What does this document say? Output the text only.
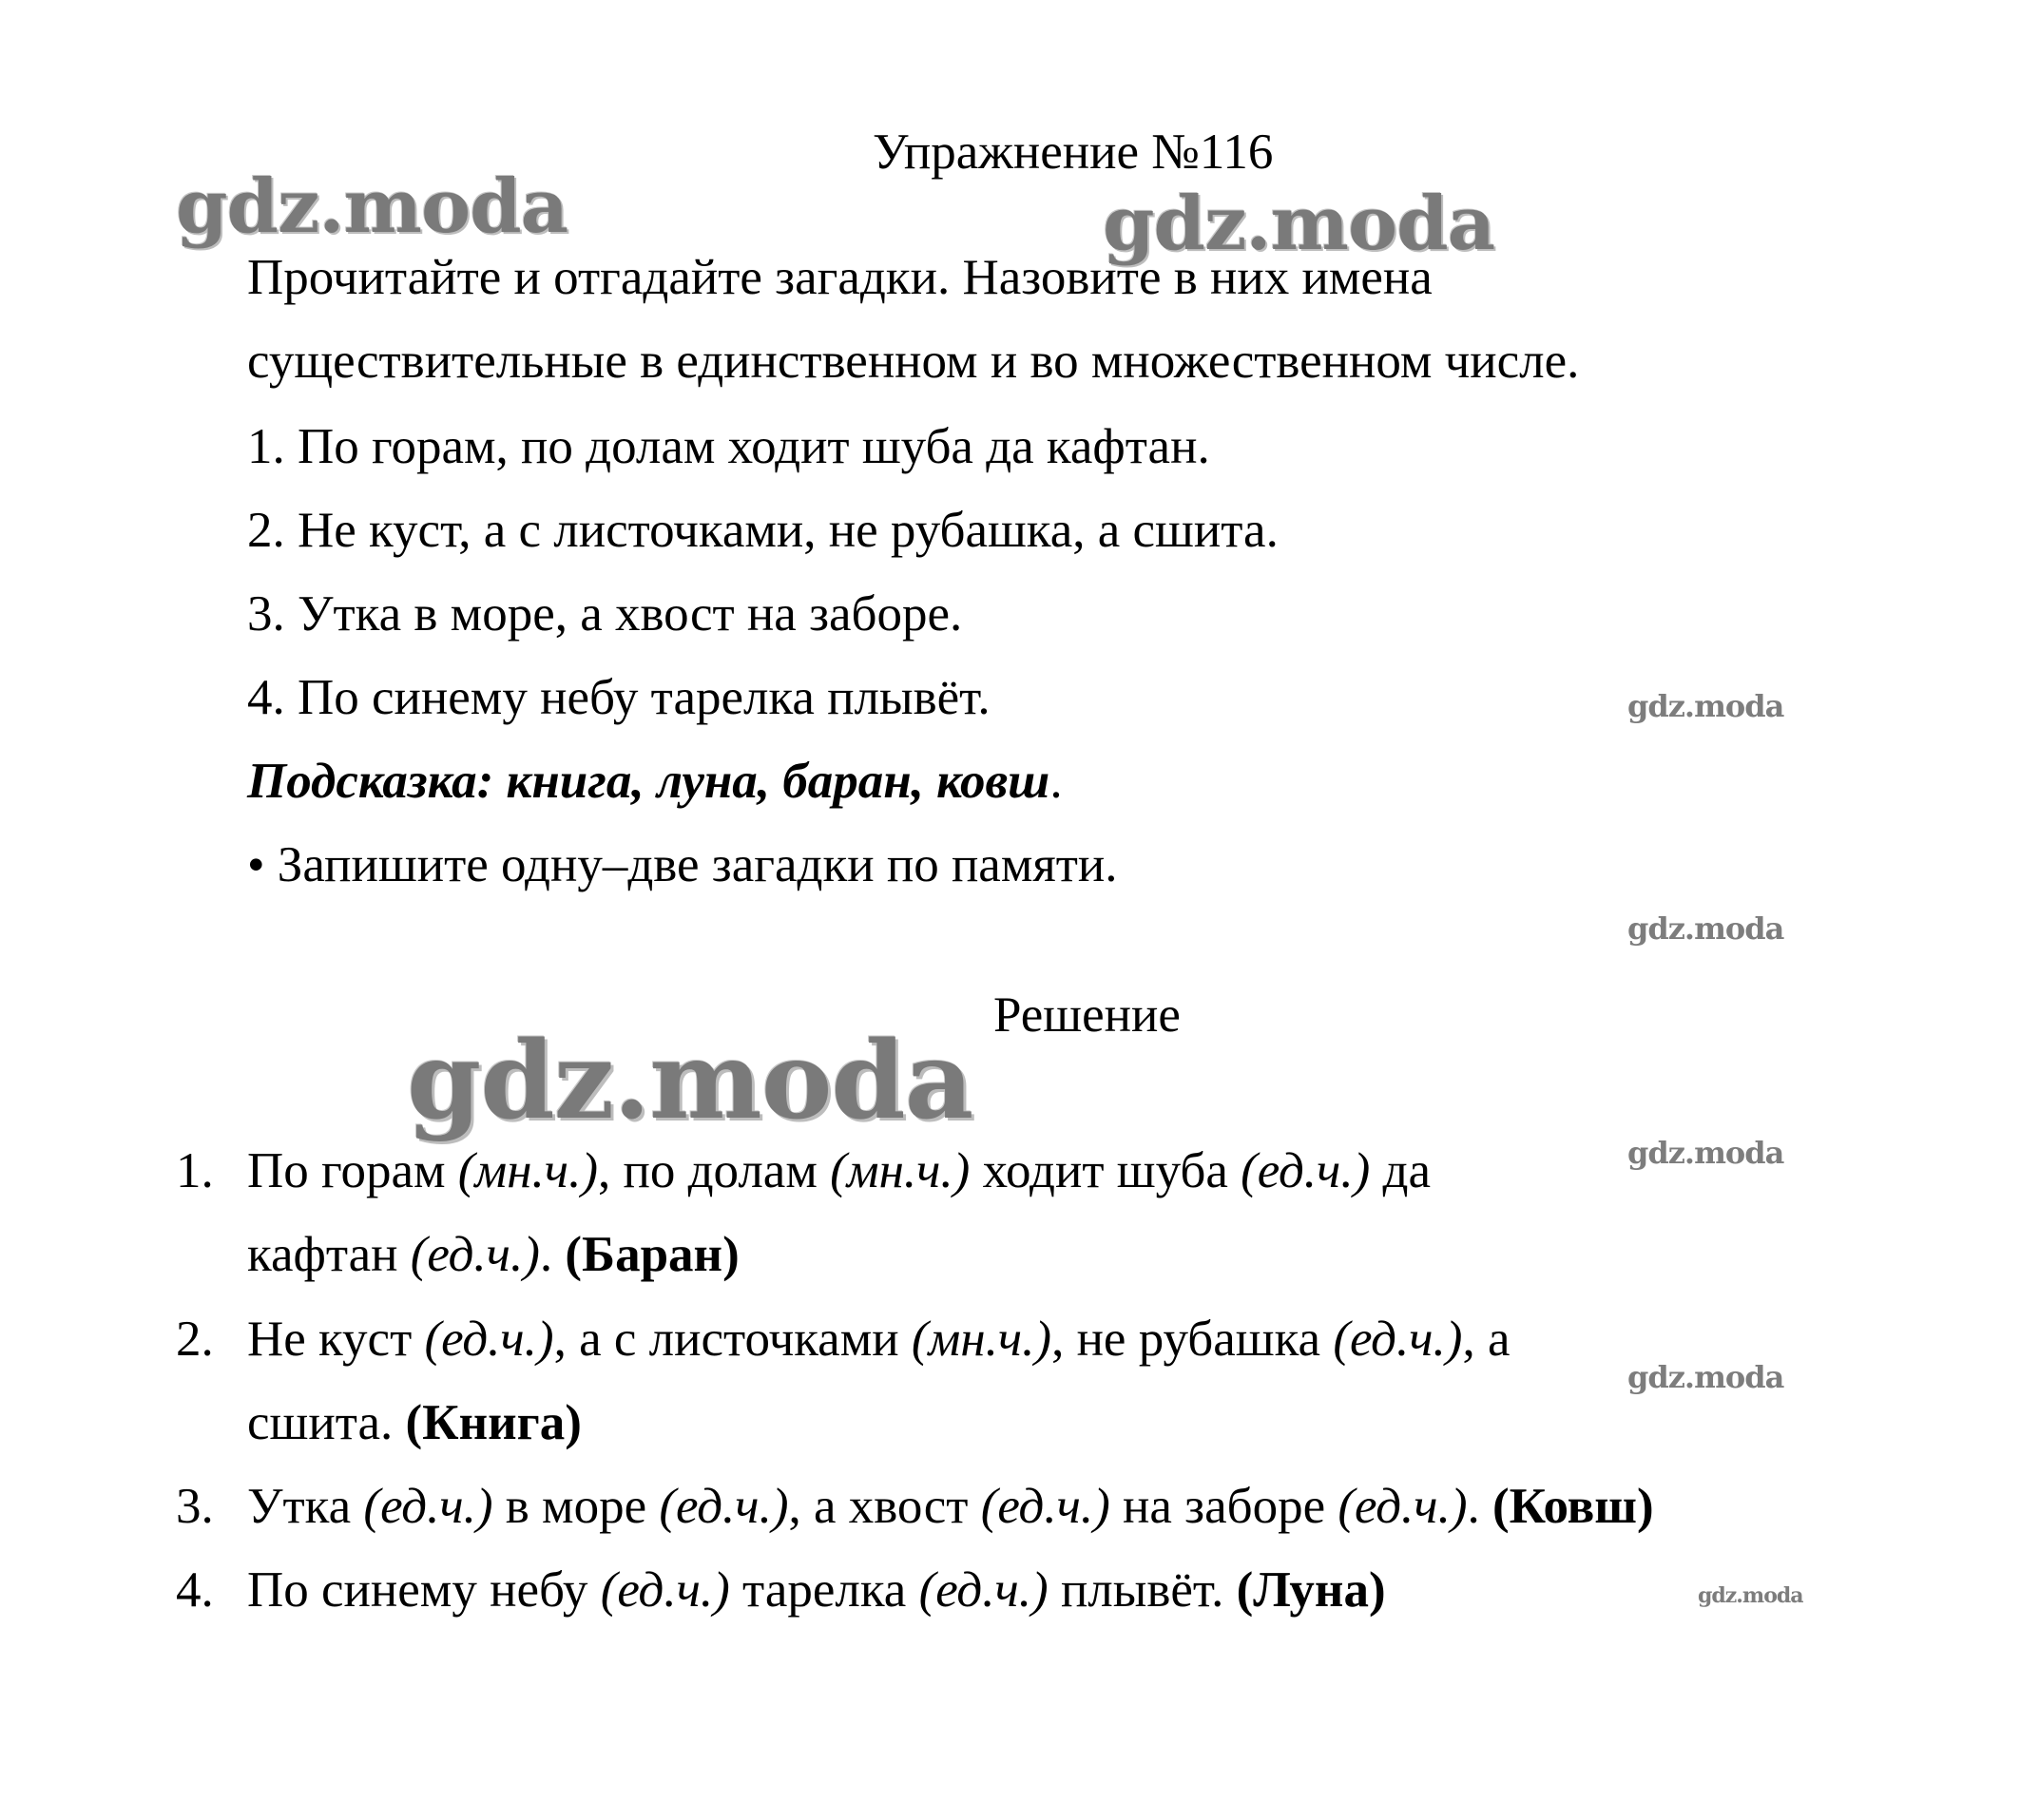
Упражнение №116
Прочитайте и отгадайте загадки. Назовите в них имена
существительные в единственном и во множественном числе.
1. По горам, по долам ходит шуба да кафтан.
2. Не куст, а с листочками, не рубашка, а сшита.
3. Утка в море, а хвост на заборе.
4. По синему небу тарелка плывёт.
Подсказка: книга, луна, баран, ковш.
• Запишите одну–две загадки по памяти.
Решение
1. По горам (мн.ч.), по долам (мн.ч.) ходит шуба (ед.ч.) да
кафтан (ед.ч.). (Баран)
2. Не куст (ед.ч.), а с листочками (мн.ч.), не рубашка (ед.ч.), а
сшита. (Книга)
3. Утка (ед.ч.) в море (ед.ч.), а хвост (ед.ч.) на заборе (ед.ч.). (Ковш)
4. По синему небу (ед.ч.) тарелка (ед.ч.) плывёт. (Луна)
gdz.moda	gdz.moda
gdz.moda
gdz.moda
gdz.moda
gdz.moda
gdz.moda
gdz.moda
